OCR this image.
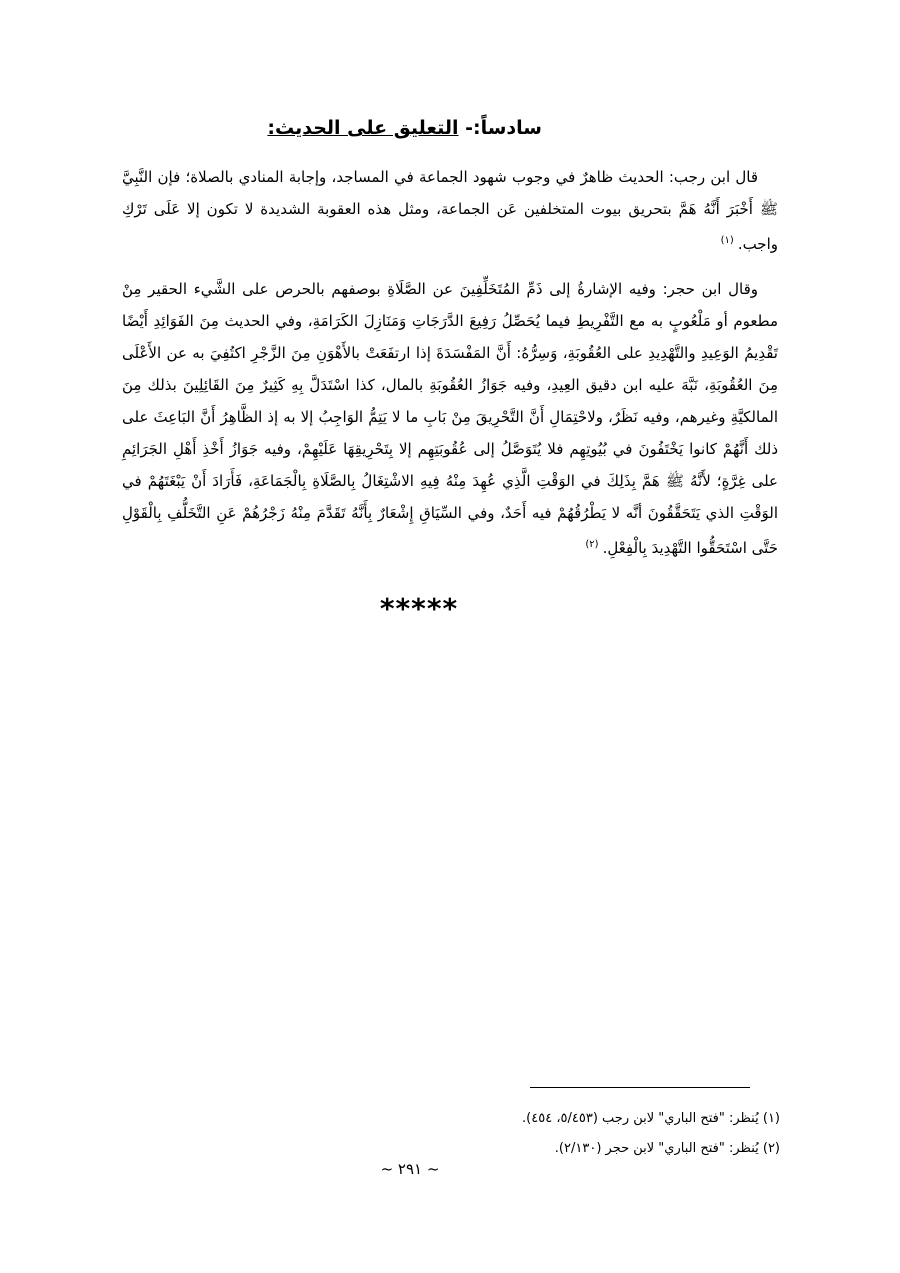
سادساً:- التعليق على الحديث:

قال ابن رجب: الحديث ظاهرٌ في وجوب شهود الجماعة في المساجد، وإجابة المنادي بالصلاة؛ فإن النَّبِيَّ ﷺ أَخْبَرَ أَنَّهُ هَمَّ بتحريق بيوت المتخلفين عَن الجماعة، ومثل هذه العقوبة الشديدة لا تكون إلا عَلَى تَرْكِ واجب.$^{(١)}$

وقال ابن حجر: وفيه الإشارةُ إلى ذَمِّ المُتَخَلِّفِينَ عن الصَّلَاةِ بوصفهم بالحرص على الشَّيء الحقير مِنْ مطعوم أو مَلْعُوبٍ به مع التَّفْرِيطِ فيما يُحَصِّلُ رَفِيعَ الدَّرَجَاتِ وَمَنَازِلَ الكَرَامَةِ، وفي الحديث مِنَ الفَوَائِدِ أَيْضًا تَقْدِيمُ الوَعِيدِ والتَّهْدِيدِ على العُقُوبَةِ، وَسِرُّهُ: أَنَّ المَفْسَدَةَ إذا ارتفَعَتْ بالأَهْوَنِ مِنَ الزَّجْرِ اكتُفِيَ به عن الأَعْلَى مِنَ العُقُوبَةِ، نَبَّهَ عليه ابن دقيق العِيدِ، وفيه جَوَازُ العُقُوبَةِ بالمال، كذا اسْتَدَلَّ بِهِ كَثِيرٌ مِنَ القَائِلِينَ بذلك مِنَ المالكيَّةِ وغيرهم، وفيه نَظَرٌ، ولاحْتِمَالِ أَنَّ التَّحْرِيقَ مِنْ بَابِ ما لا يَتِمُّ الوَاجِبُ إلا به إذ الظَّاهِرُ أَنَّ البَاعِثَ على ذلك أَنَّهُمْ كانوا يَخْتَفُونَ في بُيُوتِهِم فلا يُتَوَصَّلُ إلى عُقُوبَتِهِم إلا بِتَحْرِيقِهَا عَلَيْهِمْ، وفيه جَوَازُ أَخْذِ أَهْلِ الجَرَائِمِ على غِرَّةٍ؛ لأَنَّهُ ﷺ هَمَّ بِذَلِكَ في الوَقْتِ الَّذِي عُهِدَ مِنْهُ فِيهِ الاشْتِغَالُ بِالصَّلَاةِ بِالْجَمَاعَةِ، فَأَرَادَ أَنْ يَبْغَتَهُمْ في الوَقْتِ الذي يَتَحَقَّقُونَ أنَّه لا يَطْرُقُهُمْ فيه أَحَدٌ، وفي السِّيَاقِ إِشْعَارٌ بِأَنَّهُ تَقَدَّمَ مِنْهُ زَجْرُهُمْ عَنِ التَّخَلُّفِ بِالْقَوْلِ حَتَّى اسْتَحَقُّوا التَّهْدِيدَ بِالْفِعْلِ.$^{(٢)}$

*****
(١) يُنظر: "فتح الباري" لابن رجب (٥/٤٥٣، ٤٥٤).
(٢) يُنظر: "فتح الباري" لابن حجر (٢/١٣٠).
~ ٢٩١ ~
